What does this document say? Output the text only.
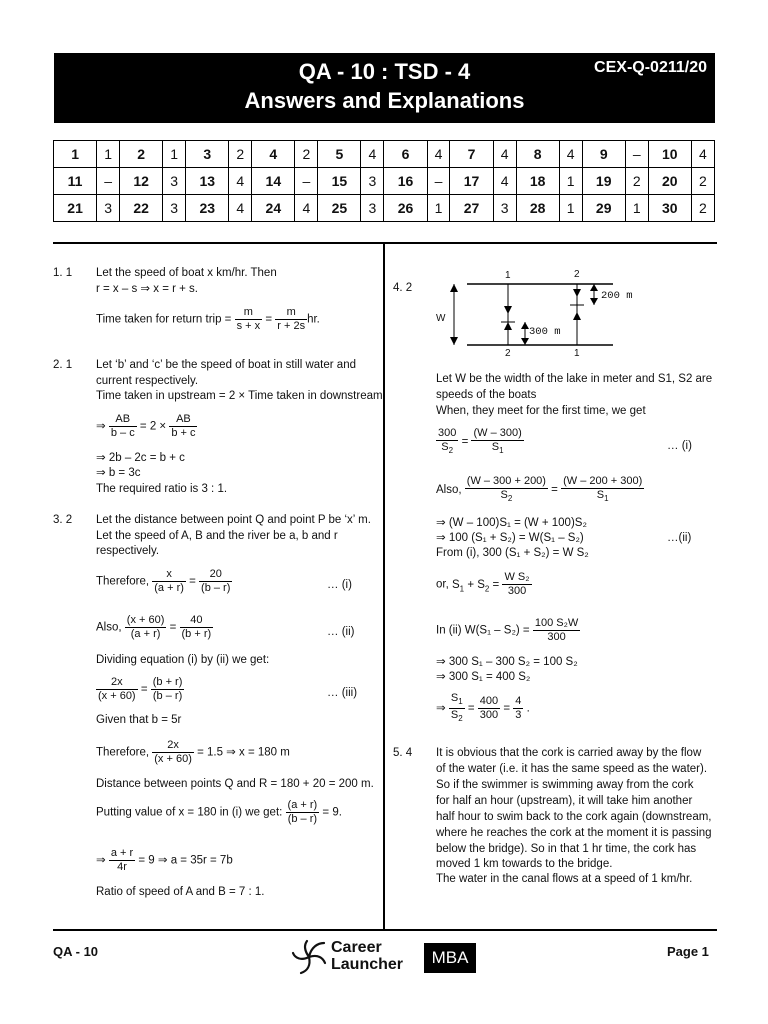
QA - 10 : TSD - 4
Answers and Explanations
CEX-Q-0211/20
1	1	2	1	3	2	4	2	5	4	6	4	7	4	8	4	9	–	10	4
11	–	12	3	13	4	14	–	15	3	16	–	17	4	18	1	19	2	20	2
21	3	22	3	23	4	24	4	25	3	26	1	27	3	28	1	29	1	30	2
1. 1 Let the speed of boat x km/hr. Then
r = x – s ⇒ x = r + s.
Time taken for return trip = $\frac{m}{s + x} = \frac{m}{r + 2s}$ hr.
2. 1 Let ‘b’ and ‘c’ be the speed of boat in still water and
current respectively.
Time taken in upstream = 2 × Time taken in downstream
⇒ $\frac{AB}{b - c} = 2 \times \frac{AB}{b + c}$
⇒ 2b – 2c = b + c
⇒ b = 3c
The required ratio is 3 : 1.
3. 2 Let the distance between point Q and point P be ‘x’ m.
Let the speed of A, B and the river be a, b and r
respectively.
Therefore, $\frac{x}{(a + r)} = \frac{20}{(b - r)}$	… (i)
Also, $\frac{(x + 60)}{(a + r)} = \frac{40}{(b + r)}$	… (ii)
Dividing equation (i) by (ii) we get:
$\frac{2x}{(x + 60)} = \frac{(b + r)}{(b - r)}$	… (iii)
Given that b = 5r
Therefore, $\frac{2x}{(x + 60)} = 1.5$ ⇒ x = 180 m
Distance between points Q and R = 180 + 20 = 200 m.
Putting value of x = 180 in (i) we get: $\frac{(a + r)}{(b - r)} = 9$.
⇒ $\frac{a + r}{4r} = 9$ ⇒ a = 35r = 7b
Ratio of speed of A and B = 7 : 1.
4. 2
1	2
2	1
W
200 m
300 m
Let W be the width of the lake in meter and S1, S2 are
speeds of the boats
When, they meet for the first time, we get
$\frac{300}{S_2} = \frac{(W - 300)}{S_1}$	… (i)
Also, $\frac{(W - 300 + 200)}{S_2} = \frac{(W - 200 + 300)}{S_1}$
⇒ (W – 100)S₁ = (W + 100)S₂
⇒ 100 (S₁ + S₂) = W(S₁ – S₂)	…(ii)
From (i), 300 (S₁ + S₂) = W S₂
or, $S_1 + S_2 = \frac{\text{W S₂}}{300}$
In (ii) $W(S_1 - S_2) = \frac{\text{100 S₂W}}{300}$
⇒ 300 S₁ – 300 S₂ = 100 S₂
⇒ 300 S₁ = 400 S₂
⇒ $\frac{S_1}{S_2} = \frac{400}{300} = \frac{4}{3}$ .
5. 4 It is obvious that the cork is carried away by the flow
of the water (i.e. it has the same speed as the water).
So if the swimmer is swimming away from the cork
for half an hour (upstream), it will take him another
half hour to swim back to the cork again (downstream,
where he reaches the cork at the moment it is passing
below the bridge). So in that 1 hr time, the cork has
moved 1 km towards to the bridge.
The water in the canal flows at a speed of 1 km/hr.
QA - 10	Career
Launcher	MBA	Page 1
